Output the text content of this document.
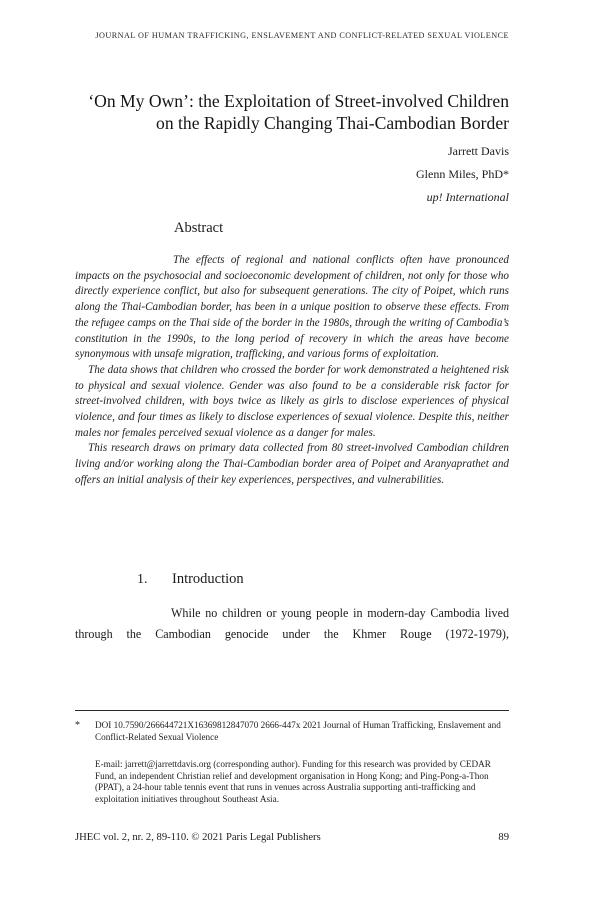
JOURNAL OF HUMAN TRAFFICKING, ENSLAVEMENT AND CONFLICT-RELATED SEXUAL VIOLENCE
‘On My Own’: the Exploitation of Street-involved Children
on the Rapidly Changing Thai-Cambodian Border
Jarrett Davis
Glenn Miles, PhD*
up! International
Abstract

The effects of regional and national conflicts often have pronounced impacts on the psychosocial and socioeconomic development of children, not only for those who directly experience conflict, but also for subsequent generations. The city of Poipet, which runs along the Thai-Cambodian border, has been in a unique position to observe these effects. From the refugee camps on the Thai side of the border in the 1980s, through the writing of Cambodia’s constitution in the 1990s, to the long period of recovery in which the areas have become synonymous with unsafe migration, trafficking, and various forms of exploitation.

The data shows that children who crossed the border for work demonstrated a heightened risk to physical and sexual violence. Gender was also found to be a considerable risk factor for street-involved children, with boys twice as likely as girls to disclose experiences of physical violence, and four times as likely to disclose experiences of sexual violence. Despite this, neither males nor females perceived sexual violence as a danger for males.

This research draws on primary data collected from 80 street-involved Cambodian children living and/or working along the Thai-Cambodian border area of Poipet and Aranyaprathet and offers an initial analysis of their key experiences, perspectives, and vulnerabilities.

1. Introduction

While no children or young people in modern-day Cambodia lived through the Cambodian genocide under the Khmer Rouge (1972-1979),

* DOI 10.7590/266644721X16369812847070 2666-447x 2021 Journal of Human Trafficking, Enslavement and Conflict-Related Sexual Violence
E-mail: jarrett@jarrettdavis.org (corresponding author). Funding for this research was provided by CEDAR Fund, an independent Christian relief and development organisation in Hong Kong; and Ping-Pong-a-Thon (PPAT), a 24-hour table tennis event that runs in venues across Australia supporting anti-trafficking and exploitation initiatives throughout Southeast Asia.
JHEC vol. 2, nr. 2, 89-110. © 2021 Paris Legal Publishers	89
